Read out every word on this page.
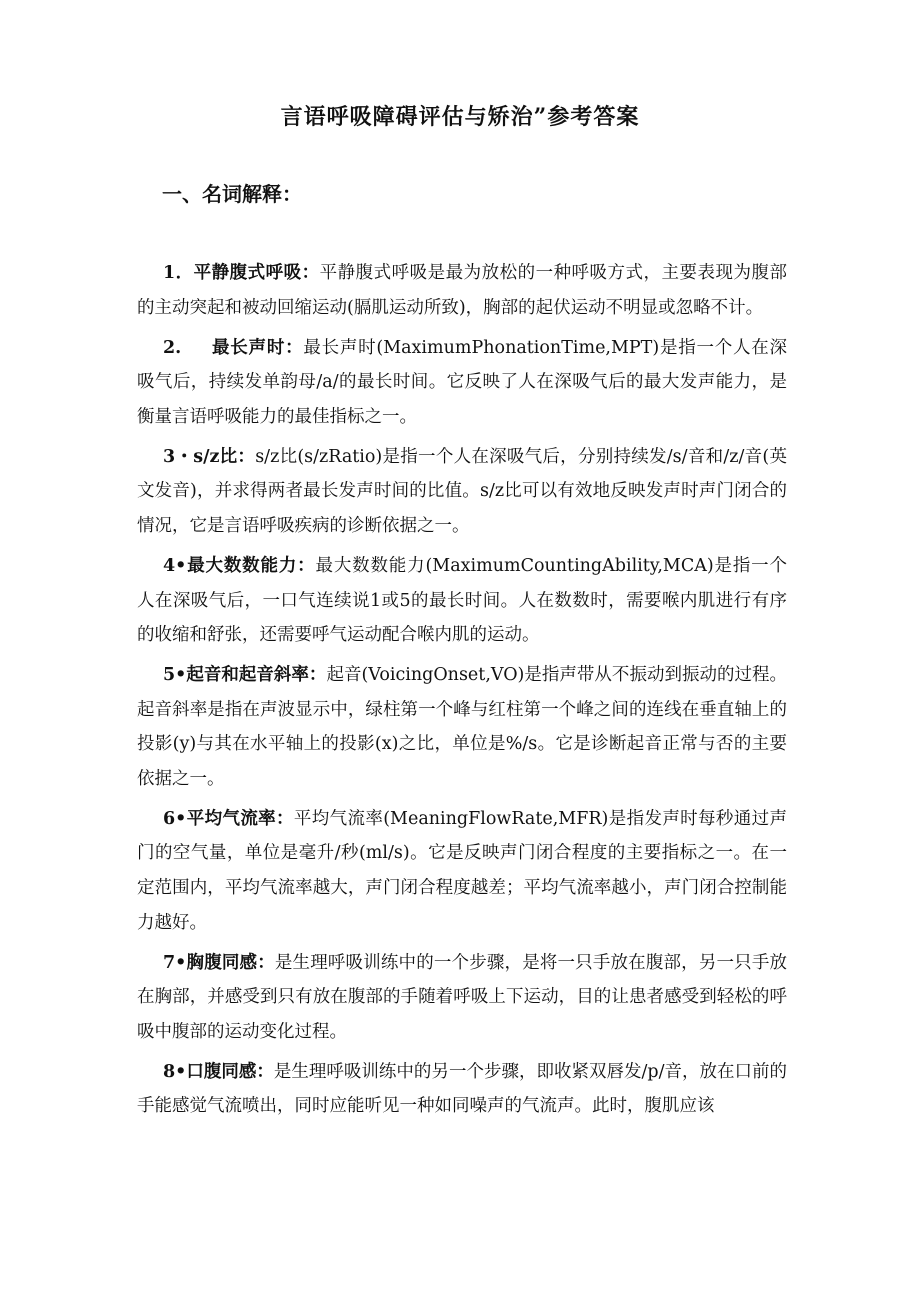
言语呼吸障碍评估与矫治”参考答案
一、名词解释：

1．平静腹式呼吸：平静腹式呼吸是最为放松的一种呼吸方式，主要表现为腹部的主动突起和被动回缩运动(膈肌运动所致)，胸部的起伏运动不明显或忽略不计。

2. 最长声时：最长声时(MaximumPhonationTime,MPT)是指一个人在深吸气后，持续发单韵母/a/的最长时间。它反映了人在深吸气后的最大发声能力，是衡量言语呼吸能力的最佳指标之一。

3・s/z比：s/z比(s/zRatio)是指一个人在深吸气后，分别持续发/s/音和/z/音(英文发音)，并求得两者最长发声时间的比值。s/z比可以有效地反映发声时声门闭合的情况，它是言语呼吸疾病的诊断依据之一。

4•最大数数能力：最大数数能力(MaximumCountingAbility,MCA)是指一个人在深吸气后，一口气连续说1或5的最长时间。人在数数时，需要喉内肌进行有序的收缩和舒张，还需要呼气运动配合喉内肌的运动。

5•起音和起音斜率：起音(VoicingOnset,VO)是指声带从不振动到振动的过程。起音斜率是指在声波显示中，绿柱第一个峰与红柱第一个峰之间的连线在垂直轴上的投影(y)与其在水平轴上的投影(x)之比，单位是%/s。它是诊断起音正常与否的主要依据之一。

6•平均气流率：平均气流率(MeaningFlowRate,MFR)是指发声时每秒通过声门的空气量，单位是毫升/秒(ml/s)。它是反映声门闭合程度的主要指标之一。在一定范围内，平均气流率越大，声门闭合程度越差；平均气流率越小，声门闭合控制能力越好。

7•胸腹同感：是生理呼吸训练中的一个步骤，是将一只手放在腹部，另一只手放在胸部，并感受到只有放在腹部的手随着呼吸上下运动，目的让患者感受到轻松的呼吸中腹部的运动变化过程。

8•口腹同感：是生理呼吸训练中的另一个步骤，即收紧双唇发/p/音，放在口前的手能感觉气流喷出，同时应能听见一种如同噪声的气流声。此时，腹肌应该
